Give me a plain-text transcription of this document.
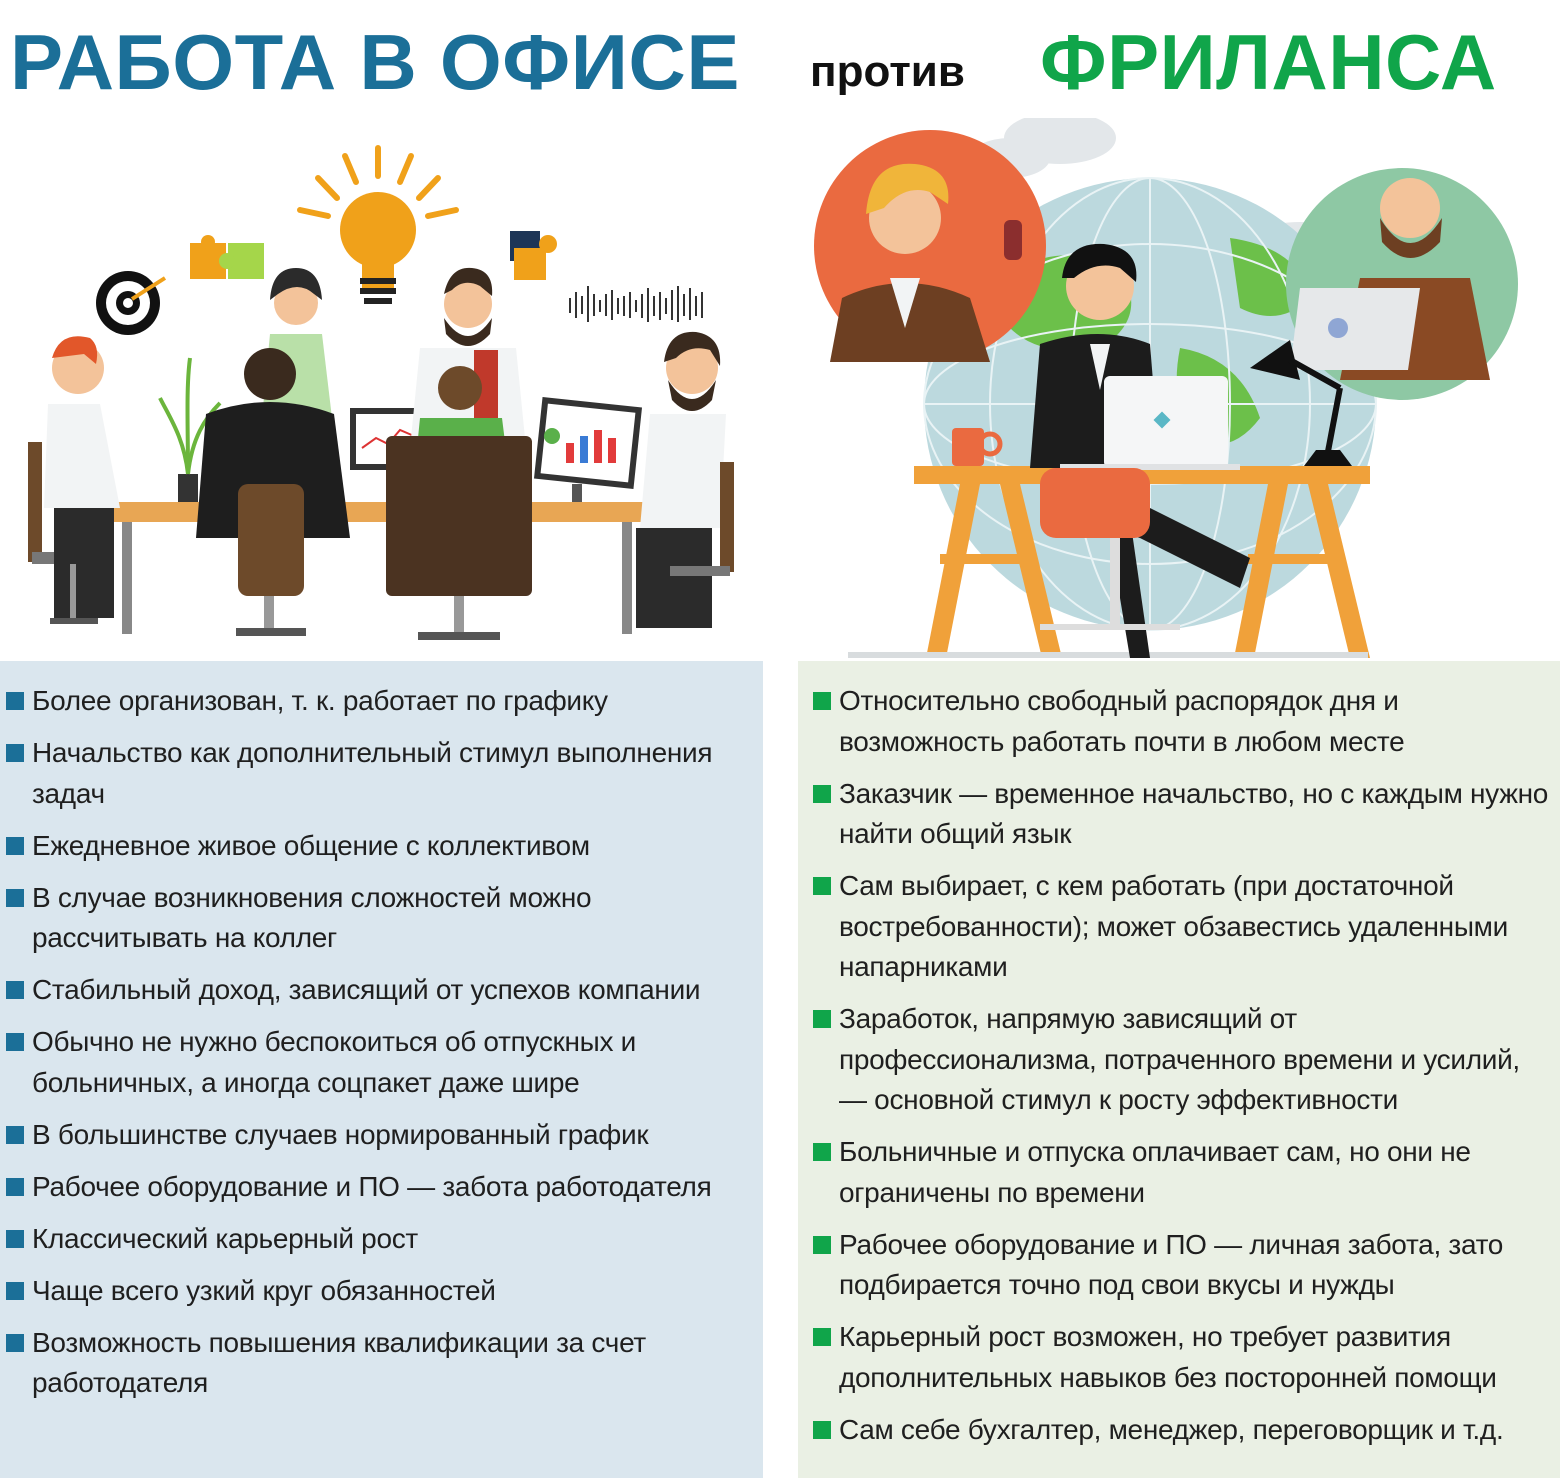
РАБОТА В ОФИСЕ против ФРИЛАНСА
Более организован, т. к. работает по графику
Начальство как дополнительный стимул выполнения задач
Ежедневное живое общение с коллективом
В случае возникновения сложностей можно рассчитывать на коллег
Стабильный доход, зависящий от успехов компании
Обычно не нужно беспокоиться об отпускных и больничных, а иногда соцпакет даже шире
В большинстве случаев нормированный график
Рабочее оборудование и ПО — забота работодателя
Классический карьерный рост
Чаще всего узкий круг обязанностей
Возможность повышения квалификации за счет работодателя
Относительно свободный распорядок дня и возможность работать почти в любом месте
Заказчик — временное начальство, но с каждым нужно найти общий язык
Сам выбирает, с кем работать (при достаточной востребованности); может обзавестись удаленными напарниками
Заработок, напрямую зависящий от профессионализма, потраченного времени и усилий, — основной стимул к росту эффективности
Больничные и отпуска оплачивает сам, но они не ограничены по времени
Рабочее оборудование и ПО — личная забота, зато подбирается точно под свои вкусы и нужды
Карьерный рост возможен, но требует развития дополнительных навыков без посторонней помощи
Сам себе бухгалтер, менеджер, переговорщик и т.д.
